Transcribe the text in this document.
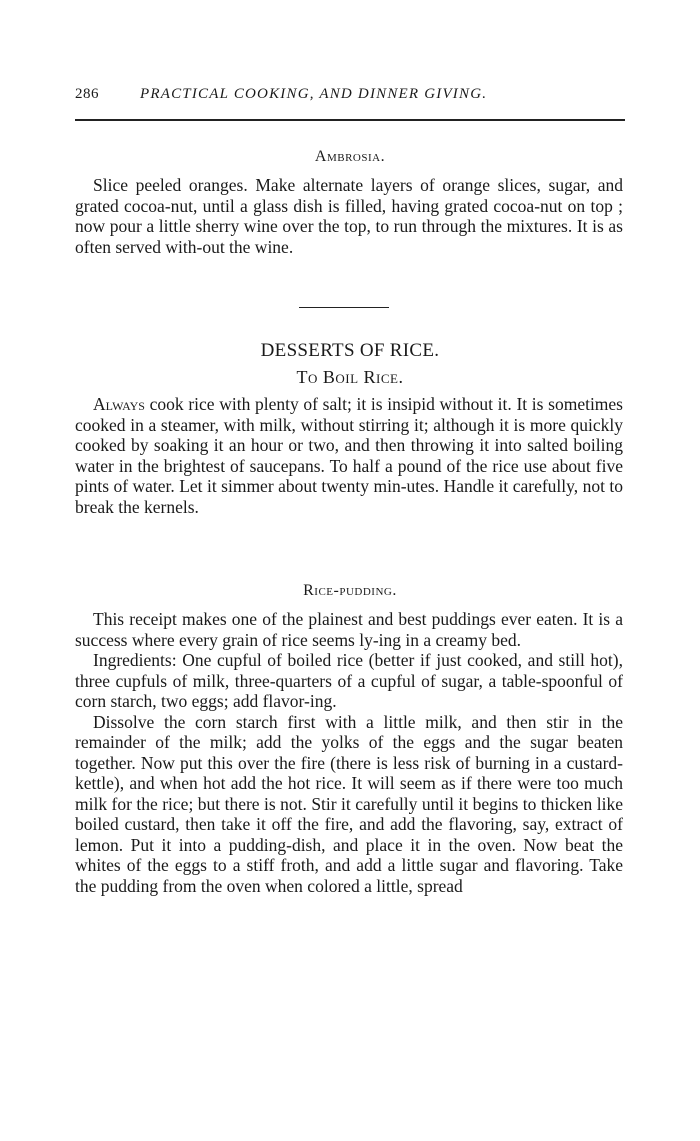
286	PRACTICAL COOKING, AND DINNER GIVING.
Ambrosia.

Slice peeled oranges. Make alternate layers of orange slices, sugar, and grated cocoa-nut, until a glass dish is filled, having grated cocoa-nut on top ; now pour a little sherry wine over the top, to run through the mixtures. It is as often served with-out the wine.

DESSERTS OF RICE.
To Boil Rice.

Always cook rice with plenty of salt; it is insipid without it. It is sometimes cooked in a steamer, with milk, without stirring it; although it is more quickly cooked by soaking it an hour or two, and then throwing it into salted boiling water in the brightest of saucepans. To half a pound of the rice use about five pints of water. Let it simmer about twenty min-utes. Handle it carefully, not to break the kernels.

Rice-pudding.

This receipt makes one of the plainest and best puddings ever eaten. It is a success where every grain of rice seems ly-ing in a creamy bed.

Ingredients: One cupful of boiled rice (better if just cooked, and still hot), three cupfuls of milk, three-quarters of a cupful of sugar, a table-spoonful of corn starch, two eggs; add flavor-ing.

Dissolve the corn starch first with a little milk, and then stir in the remainder of the milk; add the yolks of the eggs and the sugar beaten together. Now put this over the fire (there is less risk of burning in a custard-kettle), and when hot add the hot rice. It will seem as if there were too much milk for the rice; but there is not. Stir it carefully until it begins to thicken like boiled custard, then take it off the fire, and add the flavoring, say, extract of lemon. Put it into a pudding-dish, and place it in the oven. Now beat the whites of the eggs to a stiff froth, and add a little sugar and flavoring. Take the pudding from the oven when colored a little, spread
